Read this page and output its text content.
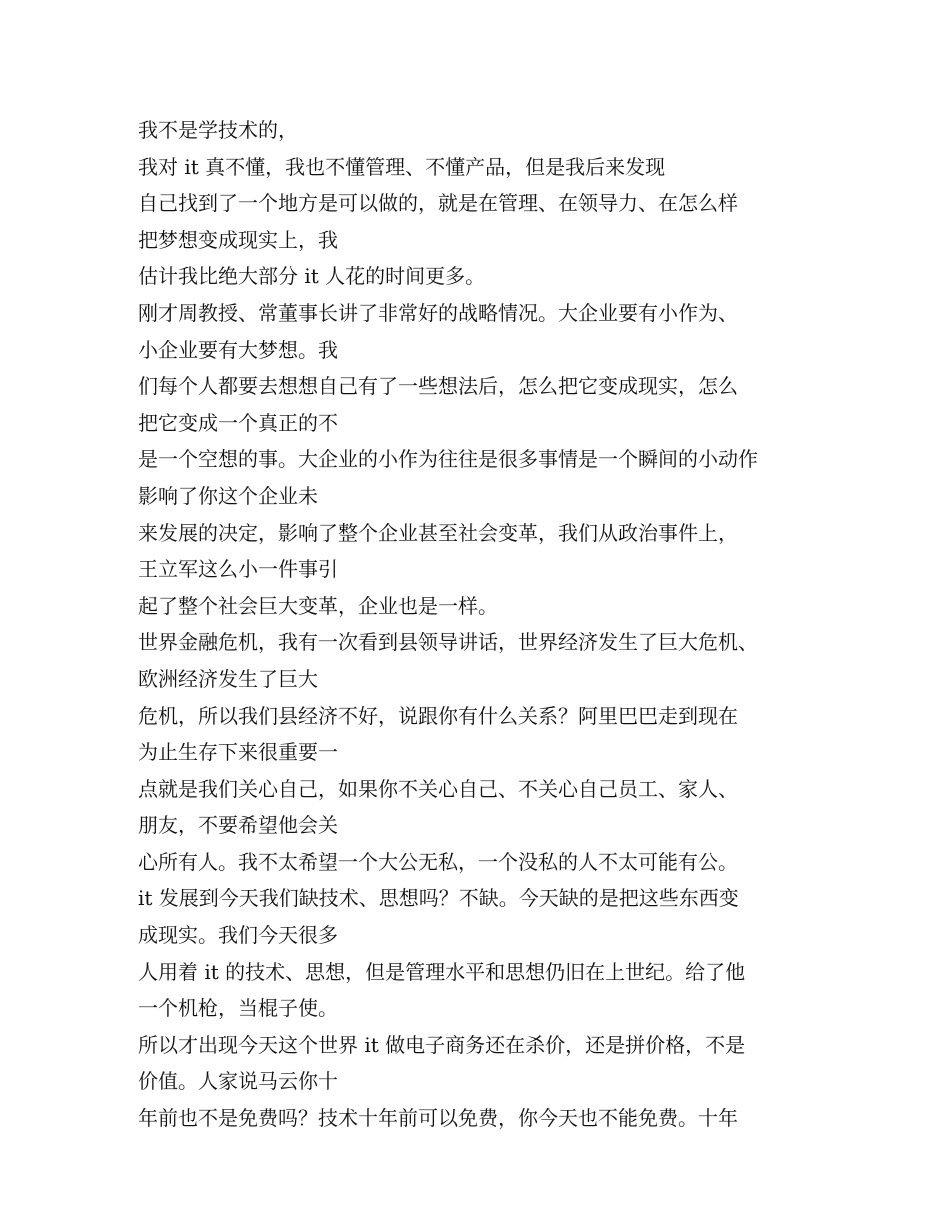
我不是学技术的，
我对 it 真不懂，我也不懂管理、不懂产品，但是我后来发现
自己找到了一个地方是可以做的，就是在管理、在领导力、在怎么样
把梦想变成现实上，我
估计我比绝大部分 it 人花的时间更多。
刚才周教授、常董事长讲了非常好的战略情况。大企业要有小作为、
小企业要有大梦想。我
们每个人都要去想想自己有了一些想法后，怎么把它变成现实，怎么
把它变成一个真正的不
是一个空想的事。大企业的小作为往往是很多事情是一个瞬间的小动作
影响了你这个企业未
来发展的决定，影响了整个企业甚至社会变革，我们从政治事件上，
王立军这么小一件事引
起了整个社会巨大变革，企业也是一样。
世界金融危机，我有一次看到县领导讲话，世界经济发生了巨大危机、
欧洲经济发生了巨大
危机，所以我们县经济不好，说跟你有什么关系？阿里巴巴走到现在
为止生存下来很重要一
点就是我们关心自己，如果你不关心自己、不关心自己员工、家人、
朋友，不要希望他会关
心所有人。我不太希望一个大公无私，一个没私的人不太可能有公。
it 发展到今天我们缺技术、思想吗？不缺。今天缺的是把这些东西变
成现实。我们今天很多
人用着 it 的技术、思想，但是管理水平和思想仍旧在上世纪。给了他
一个机枪，当棍子使。
所以才出现今天这个世界 it 做电子商务还在杀价，还是拼价格，不是
价值。人家说马云你十
年前也不是免费吗？技术十年前可以免费，你今天也不能免费。十年
